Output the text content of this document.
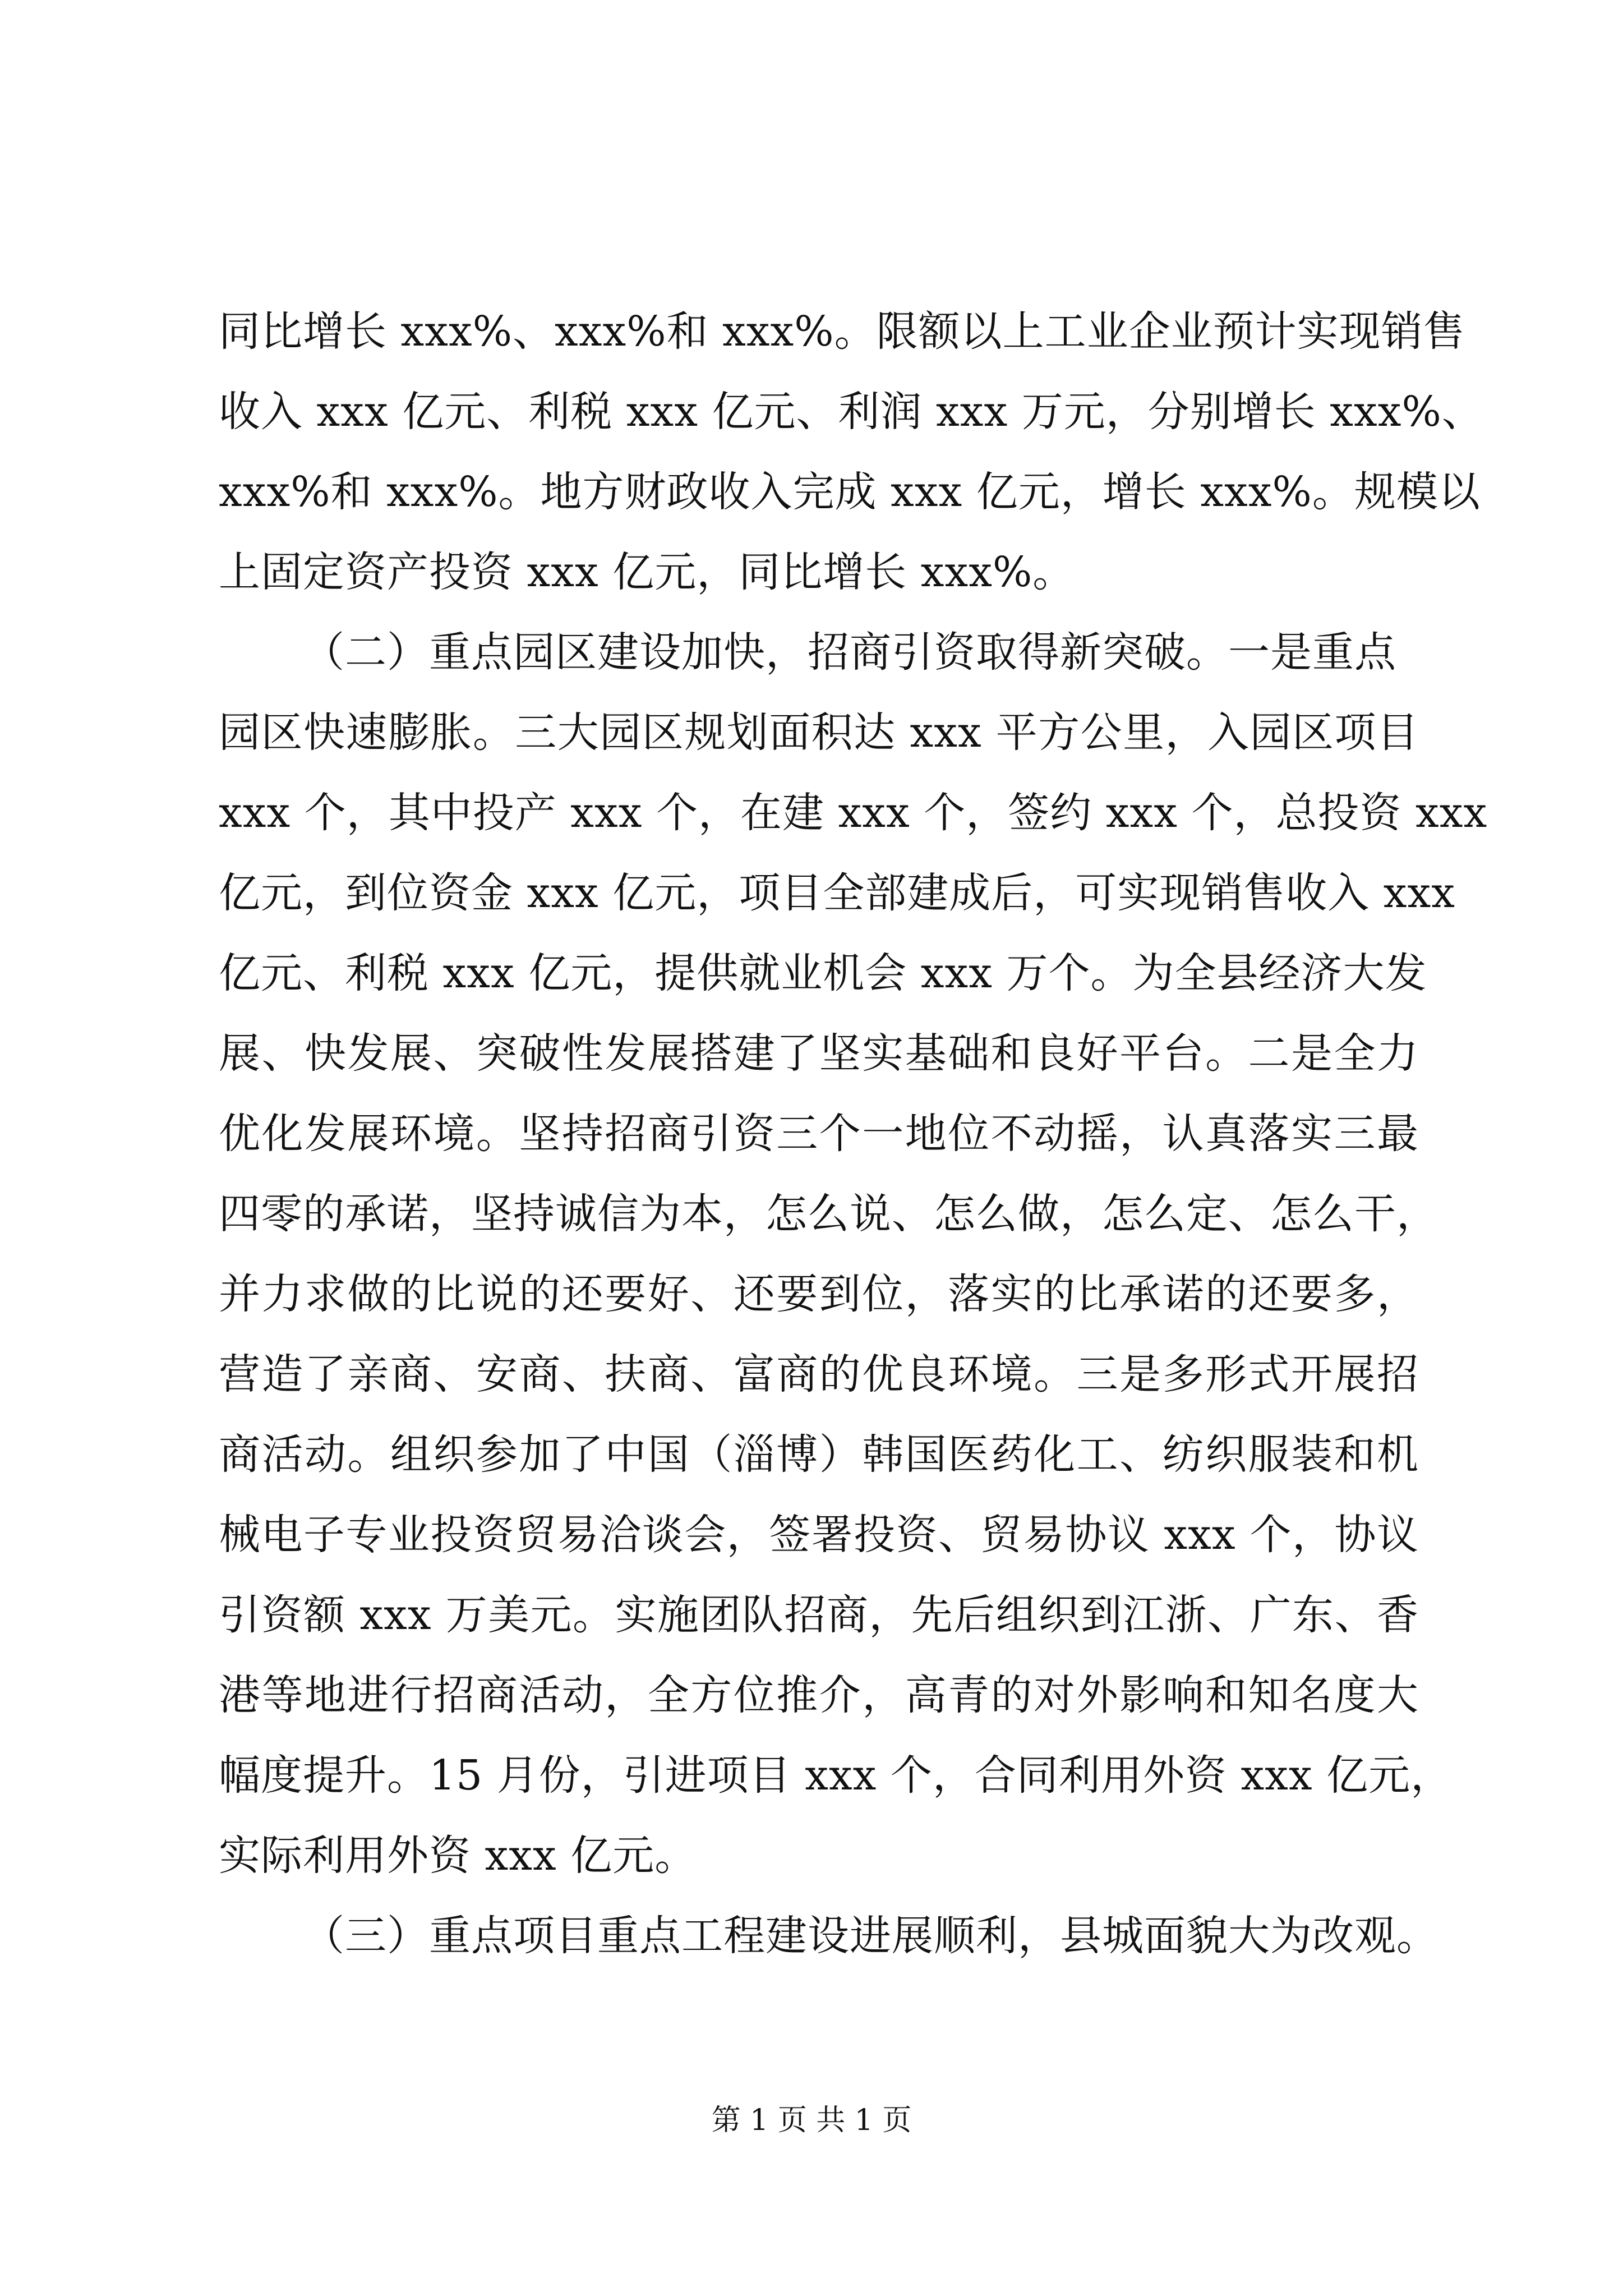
同比增长 xxx%、xxx%和 xxx%。限额以上工业企业预计实现销售
收入 xxx 亿元、利税 xxx 亿元、利润 xxx 万元，分别增长 xxx%、
xxx%和 xxx%。地方财政收入完成 xxx 亿元，增长 xxx%。规模以
上固定资产投资 xxx 亿元，同比增长 xxx%。
（二）重点园区建设加快，招商引资取得新突破。一是重点
园区快速膨胀。三大园区规划面积达 xxx 平方公里，入园区项目
xxx 个，其中投产 xxx 个，在建 xxx 个，签约 xxx 个，总投资 xxx
亿元，到位资金 xxx 亿元，项目全部建成后，可实现销售收入 xxx
亿元、利税 xxx 亿元，提供就业机会 xxx 万个。为全县经济大发
展、快发展、突破性发展搭建了坚实基础和良好平台。二是全力
优化发展环境。坚持招商引资三个一地位不动摇，认真落实三最
四零的承诺，坚持诚信为本，怎么说、怎么做，怎么定、怎么干，
并力求做的比说的还要好、还要到位，落实的比承诺的还要多，
营造了亲商、安商、扶商、富商的优良环境。三是多形式开展招
商活动。组织参加了中国（淄博）韩国医药化工、纺织服装和机
械电子专业投资贸易洽谈会，签署投资、贸易协议 xxx 个，协议
引资额 xxx 万美元。实施团队招商，先后组织到江浙、广东、香
港等地进行招商活动，全方位推介，高青的对外影响和知名度大
幅度提升。15 月份，引进项目 xxx 个，合同利用外资 xxx 亿元，
实际利用外资 xxx 亿元。
（三）重点项目重点工程建设进展顺利，县城面貌大为改观。
第 1 页 共 1 页
